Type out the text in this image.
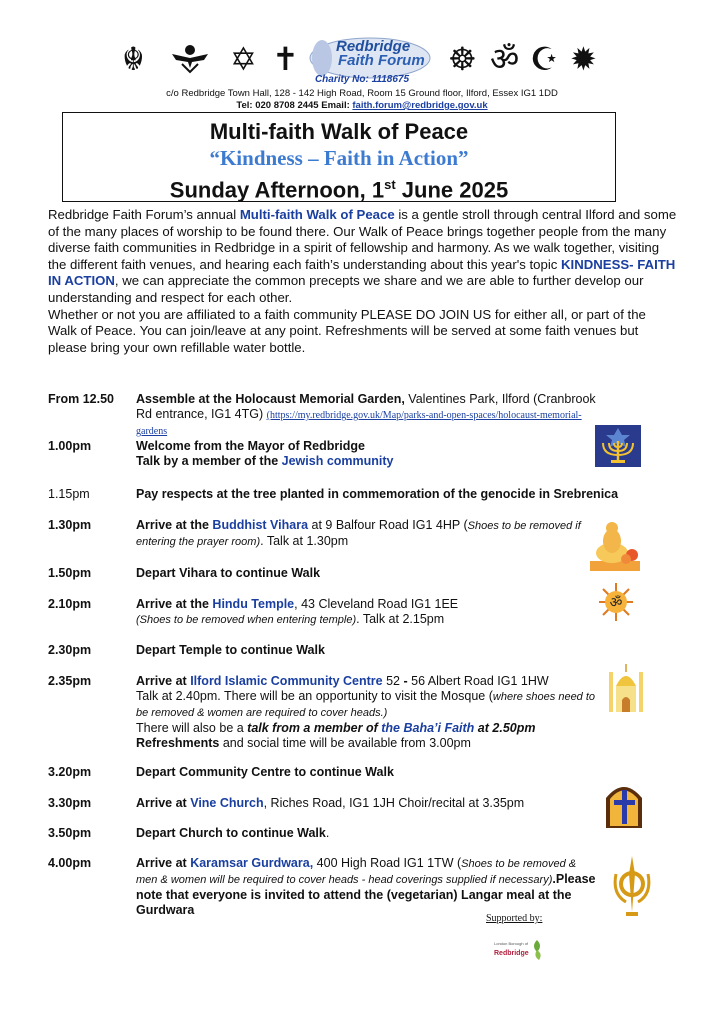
☬	✡ ✝ Redbridge
Faith Forum ☸ ॐ ☪ ✹
Charity No: 1118675
c/o Redbridge Town Hall, 128 - 142 High Road, Room 15 Ground floor, Ilford, Essex IG1 1DD
Tel: 020 8708 2445 Email: faith.forum@redbridge.gov.uk
Multi-faith Walk of Peace
“Kindness – Faith in Action”
Sunday Afternoon, 1st June 2025

Redbridge Faith Forum’s annual Multi-faith Walk of Peace is a gentle stroll through central Ilford and some of the many places of worship to be found there. Our Walk of Peace brings together people from the many diverse faith communities in Redbridge in a spirit of fellowship and harmony. As we walk together, visiting the different faith venues, and hearing each faith’s understanding about this year's topic KINDNESS- FAITH IN ACTION, we can appreciate the common precepts we share and we are able to further develop our understanding and respect for each other.

Whether or not you are affiliated to a faith community PLEASE DO JOIN US for either all, or part of the Walk of Peace. You can join/leave at any point. Refreshments will be served at some faith venues but please bring your own refillable water bottle.

From 12.50	Assemble at the Holocaust Memorial Garden, Valentines Park, Ilford (Cranbrook Rd entrance, IG1 4TG) (https://my.redbridge.gov.uk/Map/parks-and-open-spaces/holocaust-memorial-gardens
1.00pm	Welcome from the Mayor of Redbridge
Talk by a member of the Jewish community
1.15pm	Pay respects at the tree planted in commemoration of the genocide in Srebrenica
1.30pm	Arrive at the Buddhist Vihara at 9 Balfour Road IG1 4HP (Shoes to be removed if entering the prayer room). Talk at 1.30pm
1.50pm	Depart Vihara to continue Walk
2.10pm	Arrive at the Hindu Temple, 43 Cleveland Road IG1 1EE
(Shoes to be removed when entering temple). Talk at 2.15pm
2.30pm	Depart Temple to continue Walk
2.35pm	Arrive at Ilford Islamic Community Centre 52 - 56 Albert Road IG1 1HW
Talk at 2.40pm. There will be an opportunity to visit the Mosque (where shoes need to be removed & women are required to cover heads.)
There will also be a talk from a member of the Baha’i Faith at 2.50pm
Refreshments and social time will be available from 3.00pm
3.20pm	Depart Community Centre to continue Walk
3.30pm	Arrive at Vine Church, Riches Road, IG1 1JH Choir/recital at 3.35pm
3.50pm	Depart Church to continue Walk.
4.00pm	Arrive at Karamsar Gurdwara, 400 High Road IG1 1TW (Shoes to be removed & men & women will be required to cover heads - head coverings supplied if necessary).Please note that everyone is invited to attend the (vegetarian) Langar meal at the Gurdwara
ॐ
Supported by:
London Borough of
Redbridge
